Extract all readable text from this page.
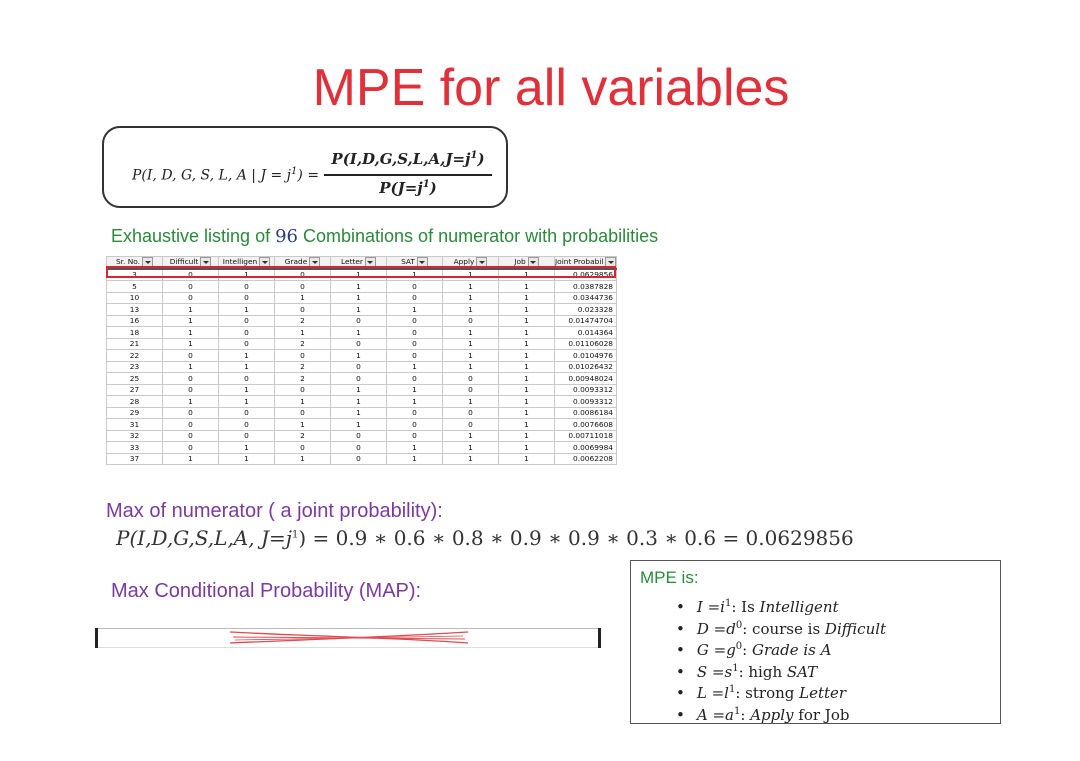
MPE for all variables
P(I, D, G, S, L, A | $J = j^1$) =
$P(I,D,G,S,L,A,J=j^1)$
$P(J=j^1)$
Exhaustive listing of 96 Combinations of numerator with probabilities
Sr. No.	Difficult	Intelligen	Grade	Letter	SAT	Apply	Job	Joint Probabil
3	0	1	0	1	1	1	1	0.0629856
5	0	0	0	1	0	1	1	0.0387828
10	0	0	1	1	0	1	1	0.0344736
13	1	1	0	1	1	1	1	0.023328
16	1	0	2	0	0	0	1	0.01474704
18	1	0	1	1	0	1	1	0.014364
21	1	0	2	0	0	1	1	0.01106028
22	0	1	0	1	0	1	1	0.0104976
23	1	1	2	0	1	1	1	0.01026432
25	0	0	2	0	0	0	1	0.00948024
27	0	1	0	1	1	0	1	0.0093312
28	1	1	1	1	1	1	1	0.0093312
29	0	0	0	1	0	0	1	0.0086184
31	0	0	1	1	0	0	1	0.0076608
32	0	0	2	0	0	1	1	0.00711018
33	0	1	0	0	1	1	1	0.0069984
37	1	1	1	0	1	1	1	0.0062208
Max of numerator ( a joint probability):
P(I,D,G,S,L,A, $J=j^1) = 0.9$ ∗ 0.6 ∗ 0.8 ∗ 0.9 ∗ 0.9 ∗ 0.3 ∗ 0.6 = 0.0629856
Max Conditional Probability (MAP):
MPE is:
• $I =i^1$: Is Intelligent
• $D =d^0$: course is Difficult
• $G =g^0$: Grade is A
• $S =s^1$: high SAT
• $L =l^1$: strong Letter
• $A =a^1$: Apply for Job
